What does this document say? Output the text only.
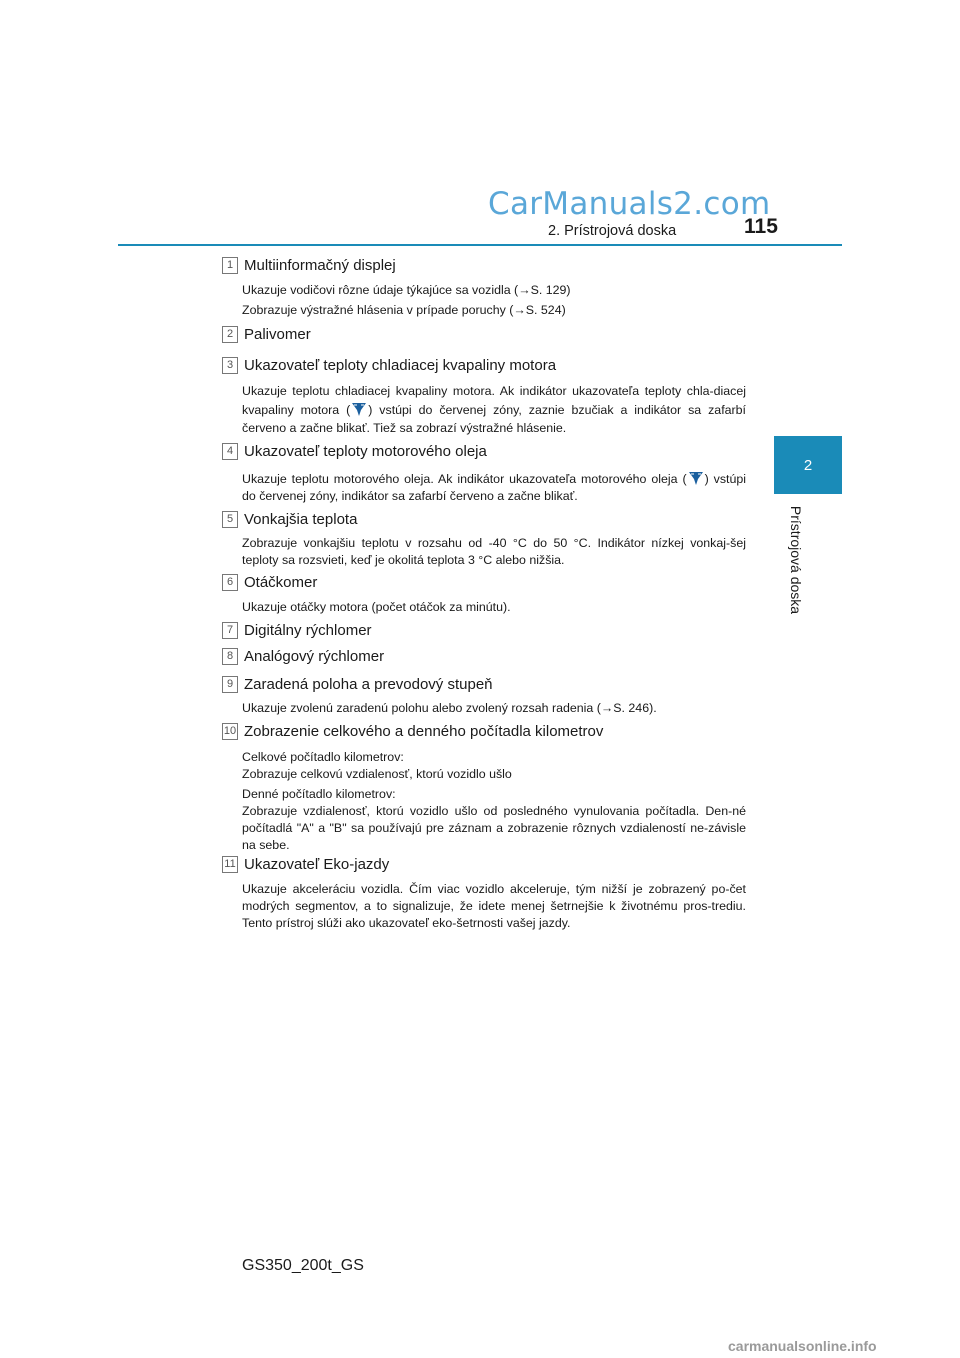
CarManuals2.com
2. Prístrojová doska	115
2
Prístrojová doska
1 Multiinformačný displej

Ukazuje vodičovi rôzne údaje týkajúce sa vozidla (→S. 129)

Zobrazuje výstražné hlásenia v prípade poruchy (→S. 524)

2 Palivomer
3 Ukazovateľ teploty chladiacej kvapaliny motora

Ukazuje teplotu chladiacej kvapaliny motora. Ak indikátor ukazovateľa teploty chla-diacej kvapaliny motora ( ) vstúpi do červenej zóny, zaznie bzučiak a indikátor sa zafarbí červeno a začne blikať. Tiež sa zobrazí výstražné hlásenie.

4 Ukazovateľ teploty motorového oleja

Ukazuje teplotu motorového oleja. Ak indikátor ukazovateľa motorového oleja ( ) vstúpi do červenej zóny, indikátor sa zafarbí červeno a začne blikať.

5 Vonkajšia teplota

Zobrazuje vonkajšiu teplotu v rozsahu od -40 °C do 50 °C. Indikátor nízkej vonkaj-šej teploty sa rozsvieti, keď je okolitá teplota 3 °C alebo nižšia.

6 Otáčkomer

Ukazuje otáčky motora (počet otáčok za minútu).

7 Digitálny rýchlomer
8 Analógový rýchlomer
9 Zaradená poloha a prevodový stupeň

Ukazuje zvolenú zaradenú polohu alebo zvolený rozsah radenia (→S. 246).

10 Zobrazenie celkového a denného počítadla kilometrov

Celkové počítadlo kilometrov:

Zobrazuje celkovú vzdialenosť, ktorú vozidlo ušlo

Denné počítadlo kilometrov:

Zobrazuje vzdialenosť, ktorú vozidlo ušlo od posledného vynulovania počítadla. Den-né počítadlá "A" a "B" sa používajú pre záznam a zobrazenie rôznych vzdialeností ne-závisle na sebe.

11 Ukazovateľ Eko-jazdy

Ukazuje akceleráciu vozidla. Čím viac vozidlo akceleruje, tým nižší je zobrazený po-čet modrých segmentov, a to signalizuje, že idete menej šetrnejšie k životnému pros-trediu. Tento prístroj slúži ako ukazovateľ eko-šetrnosti vašej jazdy.

GS350_200t_GS
carmanualsonline.info
